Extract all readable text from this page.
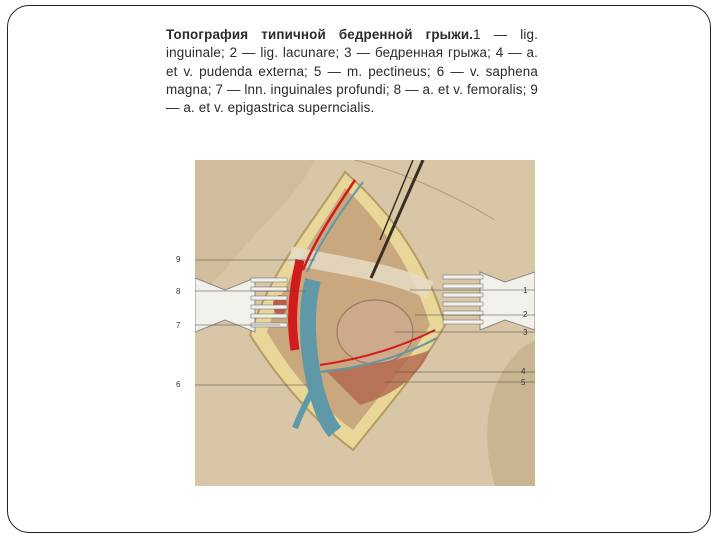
Топография типичной бедренной грыжи.1 — lig. inguinale; 2 — lig. lacunare; 3 — бедренная грыжа; 4 — a. et v. pudenda externa; 5 — m. pectineus; 6 — v. saphena magna; 7 — lnn. inguinales profundi; 8 — a. et v. femoralis; 9 — a. et v. epigastrica superncialis.
9
8
7
6
1
2
3
4
5
